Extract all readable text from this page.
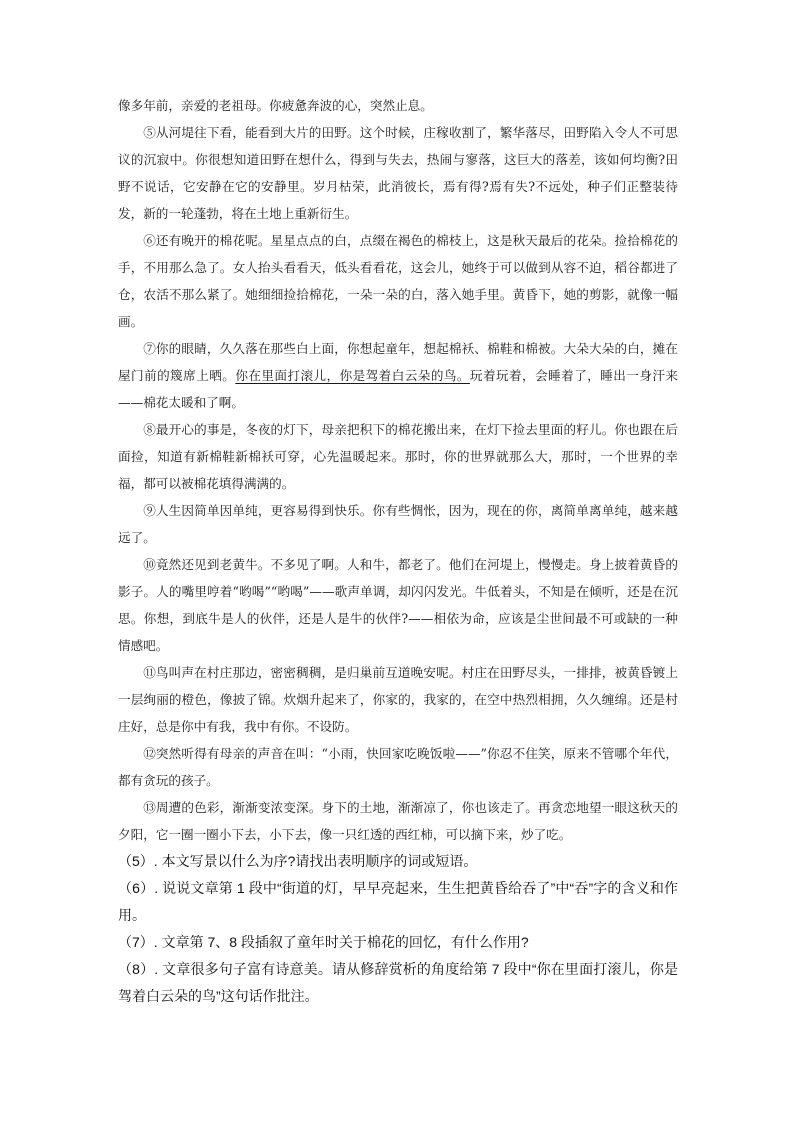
像多年前，亲爱的老祖母。你疲惫奔波的心，突然止息。

⑤从河堤往下看，能看到大片的田野。这个时候，庄稼收割了，繁华落尽，田野陷入令人不可思议的沉寂中。你很想知道田野在想什么，得到与失去，热闹与寥落，这巨大的落差，该如何均衡?田野不说话，它安静在它的安静里。岁月枯荣，此消彼长，焉有得?焉有失?不远处，种子们正整装待发，新的一轮蓬勃，将在土地上重新衍生。

⑥还有晚开的棉花呢。星星点点的白，点缀在褐色的棉枝上，这是秋天最后的花朵。捡拾棉花的手，不用那么急了。女人抬头看看天，低头看看花，这会儿，她终于可以做到从容不迫，稻谷都进了仓，农活不那么紧了。她细细捡拾棉花，一朵一朵的白，落入她手里。黄昏下，她的剪影，就像一幅画。

⑦你的眼睛，久久落在那些白上面，你想起童年，想起棉袄、棉鞋和棉被。大朵大朵的白，摊在屋门前的篾席上晒。你在里面打滚儿，你是驾着白云朵的鸟。玩着玩着，会睡着了，睡出一身汗来——棉花太暖和了啊。

⑧最开心的事是，冬夜的灯下，母亲把积下的棉花搬出来，在灯下捡去里面的籽儿。你也跟在后面捡，知道有新棉鞋新棉袄可穿，心先温暖起来。那时，你的世界就那么大，那时，一个世界的幸福，都可以被棉花填得满满的。

⑨人生因简单因单纯，更容易得到快乐。你有些惆怅，因为，现在的你，离简单离单纯，越来越远了。

⑩竟然还见到老黄牛。不多见了啊。人和牛，都老了。他们在河堤上，慢慢走。身上披着黄昏的影子。人的嘴里哼着“哟喝”“哟喝”——歌声单调，却闪闪发光。牛低着头，不知是在倾听，还是在沉思。你想，到底牛是人的伙伴，还是人是牛的伙伴?——相依为命，应该是尘世间最不可或缺的一种情感吧。

⑪鸟叫声在村庄那边，密密稠稠，是归巢前互道晚安呢。村庄在田野尽头，一排排，被黄昏镀上一层绚丽的橙色，像披了锦。炊烟升起来了，你家的，我家的，在空中热烈相拥，久久缠绵。还是村庄好，总是你中有我，我中有你。不设防。

⑫突然听得有母亲的声音在叫：“小雨，快回家吃晚饭啦——”你忍不住笑，原来不管哪个年代，都有贪玩的孩子。

⑬周遭的色彩，渐渐变浓变深。身下的土地，渐渐凉了，你也该走了。再贪恋地望一眼这秋天的夕阳，它一圈一圈小下去，小下去，像一只红透的西红柿，可以摘下来，炒了吃。

（5）. 本文写景以什么为序?请找出表明顺序的词或短语。

（6）. 说说文章第 1 段中“街道的灯，早早亮起来，生生把黄昏给吞了”中“吞”字的含义和作用。

（7）. 文章第 7、8 段插叙了童年时关于棉花的回忆，有什么作用?

（8）. 文章很多句子富有诗意美。请从修辞赏析的角度给第 7 段中“你在里面打滚儿，你是驾着白云朵的鸟”这句话作批注。
